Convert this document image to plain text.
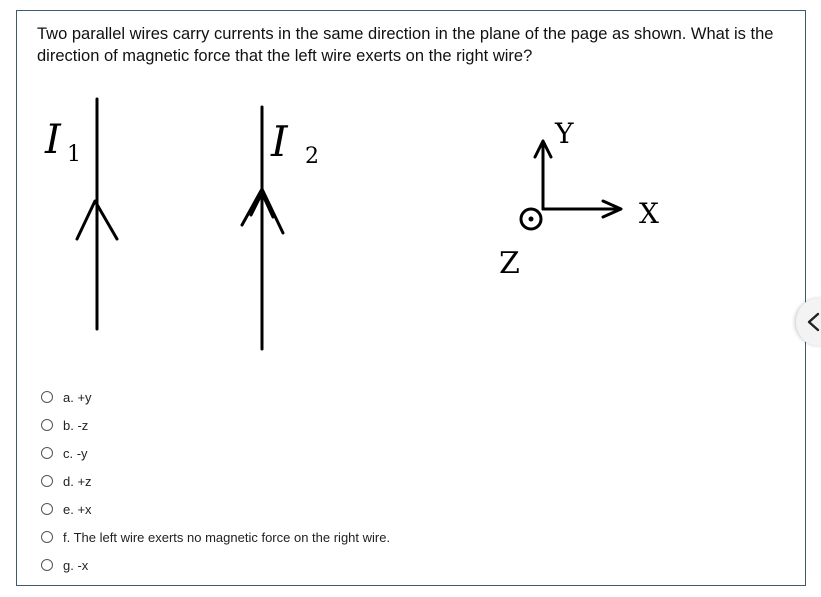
Two parallel wires carry currents in the same direction in the plane of the page as shown. What is the direction of magnetic force that the left wire exerts on the right wire?
I 1	I 2
Y
X
Z
a. +y
b. -z
c. -y
d. +z
e. +x
f. The left wire exerts no magnetic force on the right wire.
g. -x
